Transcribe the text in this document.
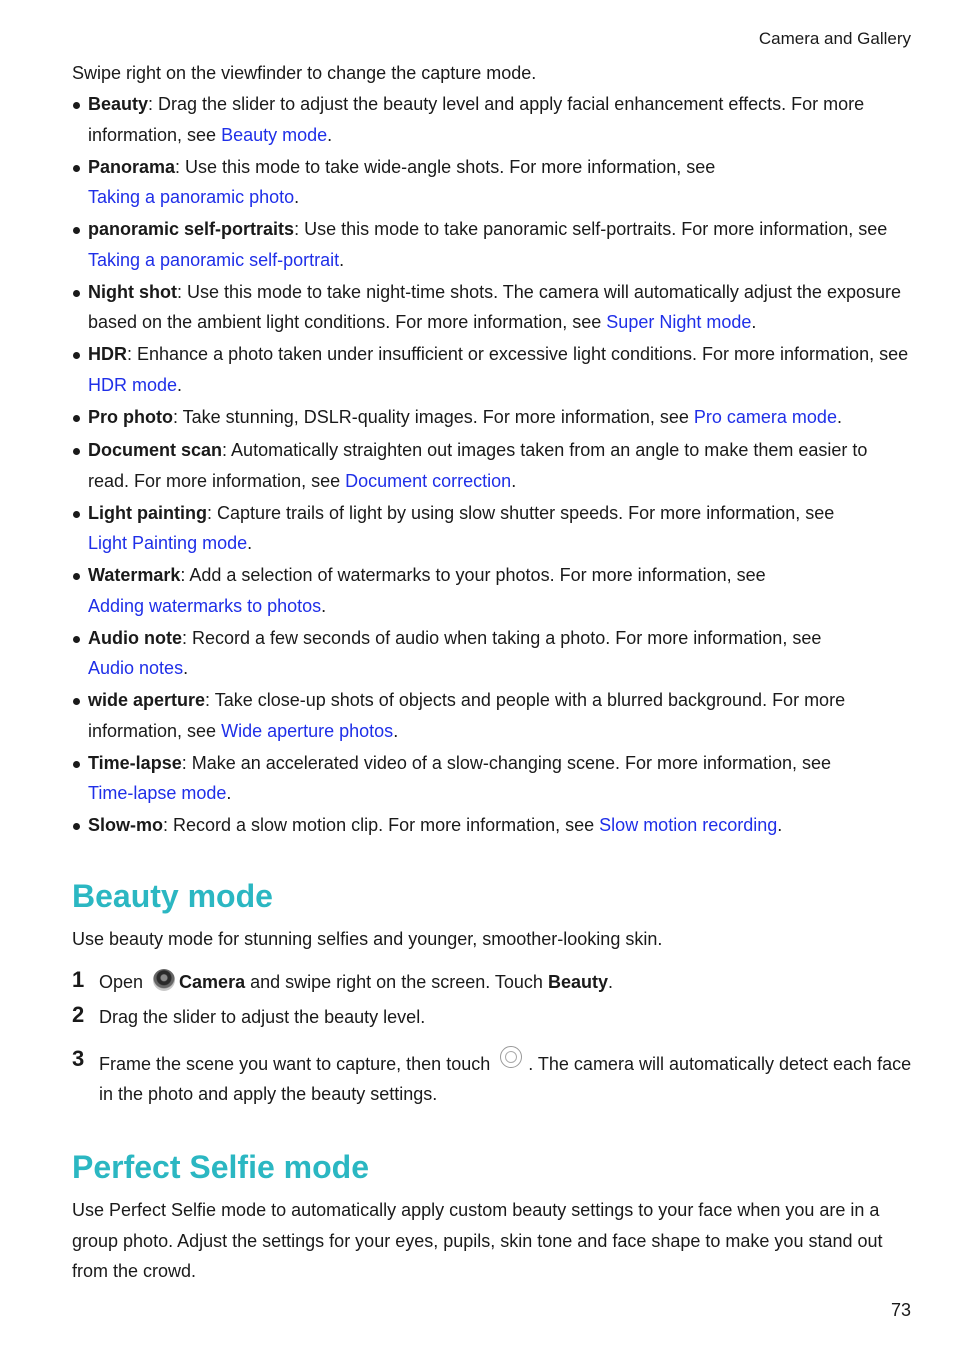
Camera and Gallery

Swipe right on the viewfinder to change the capture mode.

Beauty: Drag the slider to adjust the beauty level and apply facial enhancement effects. For more information, see Beauty mode.
Panorama: Use this mode to take wide-angle shots. For more information, see
Taking a panoramic photo.
panoramic self-portraits: Use this mode to take panoramic self-portraits. For more information, see Taking a panoramic self-portrait.
Night shot: Use this mode to take night-time shots. The camera will automatically adjust the exposure based on the ambient light conditions. For more information, see Super Night mode.
HDR: Enhance a photo taken under insufficient or excessive light conditions. For more information, see HDR mode.
Pro photo: Take stunning, DSLR-quality images. For more information, see Pro camera mode.
Document scan: Automatically straighten out images taken from an angle to make them easier to read. For more information, see Document correction.
Light painting: Capture trails of light by using slow shutter speeds. For more information, see
Light Painting mode.
Watermark: Add a selection of watermarks to your photos. For more information, see
Adding watermarks to photos.
Audio note: Record a few seconds of audio when taking a photo. For more information, see
Audio notes.
wide aperture: Take close-up shots of objects and people with a blurred background. For more information, see Wide aperture photos.
Time-lapse: Make an accelerated video of a slow-changing scene. For more information, see
Time-lapse mode.
Slow-mo: Record a slow motion clip. For more information, see Slow motion recording.
Beauty mode

Use beauty mode for stunning selfies and younger, smoother-looking skin.

1 Open Camera and swipe right on the screen. Touch Beauty.
2 Drag the slider to adjust the beauty level.
3 Frame the scene you want to capture, then touch . The camera will automatically detect each face in the photo and apply the beauty settings.
Perfect Selfie mode

Use Perfect Selfie mode to automatically apply custom beauty settings to your face when you are in a group photo. Adjust the settings for your eyes, pupils, skin tone and face shape to make you stand out from the crowd.

73
